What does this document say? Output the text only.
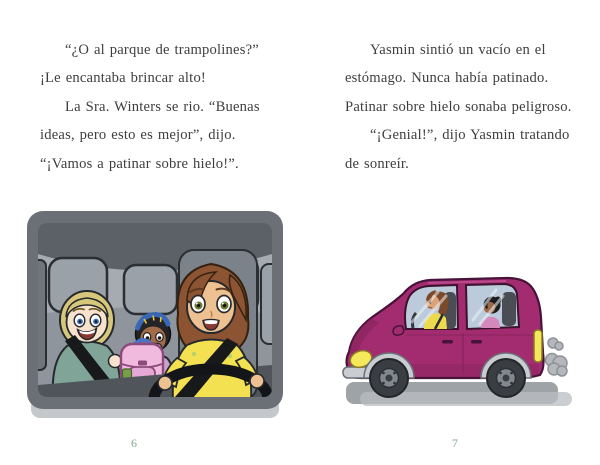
“¿O al parque de trampolines?”
¡Le encantaba brincar alto!
La Sra. Winters se rio. “Buenas
ideas, pero esto es mejor”, dijo.
“¡Vamos a patinar sobre hielo!”.
Yasmin sintió un vacío en el
estómago. Nunca había patinado.
Patinar sobre hielo sonaba peligroso.
“¡Genial!”, dijo Yasmin tratando
de sonreír.
6	7
